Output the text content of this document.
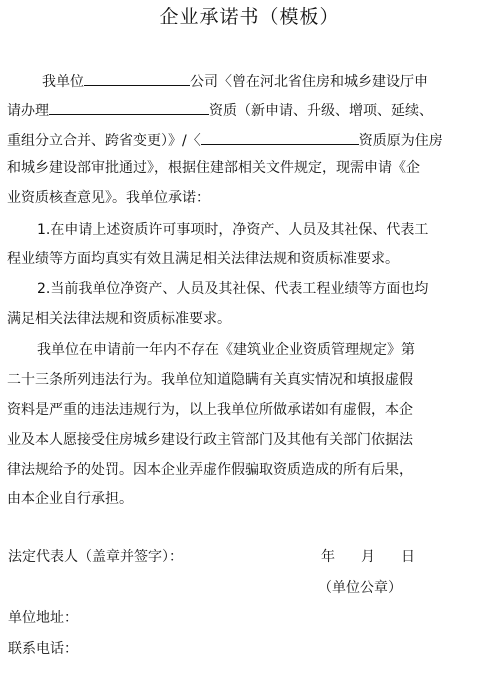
企业承诺书（模板）
我单位	公司〈曾在河北省住房和城乡建设厅申
请办理	资质（新申请、升级、增项、延续、
重组分立合并、跨省变更）》/〈	资质原为住房
和城乡建设部审批通过》，根据住建部相关文件规定，现需申请《企
业资质核查意见》。我单位承诺：
1.在申请上述资质许可事项时，净资产、人员及其社保、代表工
程业绩等方面均真实有效且满足相关法律法规和资质标准要求。
2.当前我单位净资产、人员及其社保、代表工程业绩等方面也均
满足相关法律法规和资质标准要求。
我单位在申请前一年内不存在《建筑业企业资质管理规定》第
二十三条所列违法行为。我单位知道隐瞒有关真实情况和填报虚假
资料是严重的违法违规行为，以上我单位所做承诺如有虚假，本企
业及本人愿接受住房城乡建设行政主管部门及其他有关部门依据法
律法规给予的处罚。因本企业弄虚作假骗取资质造成的所有后果，
由本企业自行承担。
法定代表人（盖章并签字）：	年 月 日
（单位公章）
单位地址：
联系电话：
